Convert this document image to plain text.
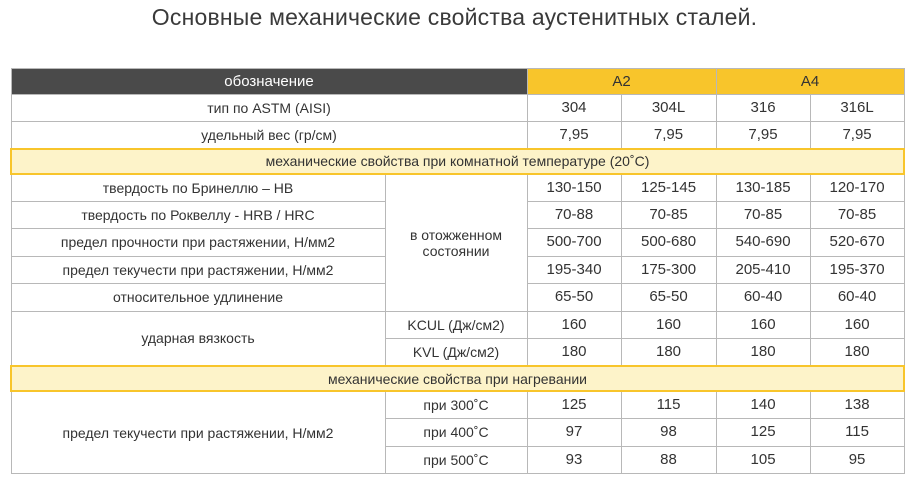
Основные механические свойства аустенитных сталей.
обозначение		A2		A4	
тип по ASTM (AISI)		304	304L	316	316L
удельный вес (гр/см)		7,95	7,95	7,95	7,95
механические свойства при комнатной температуре (20˚С)					
твердость по Бринеллю – НВ	в отожженном состоянии	130-150	125-145	130-185	120-170
твердость по Роквеллу - HRB / HRC		70-88	70-85	70-85	70-85
предел прочности при растяжении, Н/мм2		500-700	500-680	540-690	520-670
предел текучести при растяжении, Н/мм2		195-340	175-300	205-410	195-370
относительное удлинение		65-50	65-50	60-40	60-40
ударная вязкость	KCUL (Дж/см2)	160	160	160	160
	KVL (Дж/см2)	180	180	180	180
механические свойства при нагревании					
предел текучести при растяжении, Н/мм2	при 300˚С	125	115	140	138
	при 400˚С	97	98	125	115
	при 500˚С	93	88	105	95
